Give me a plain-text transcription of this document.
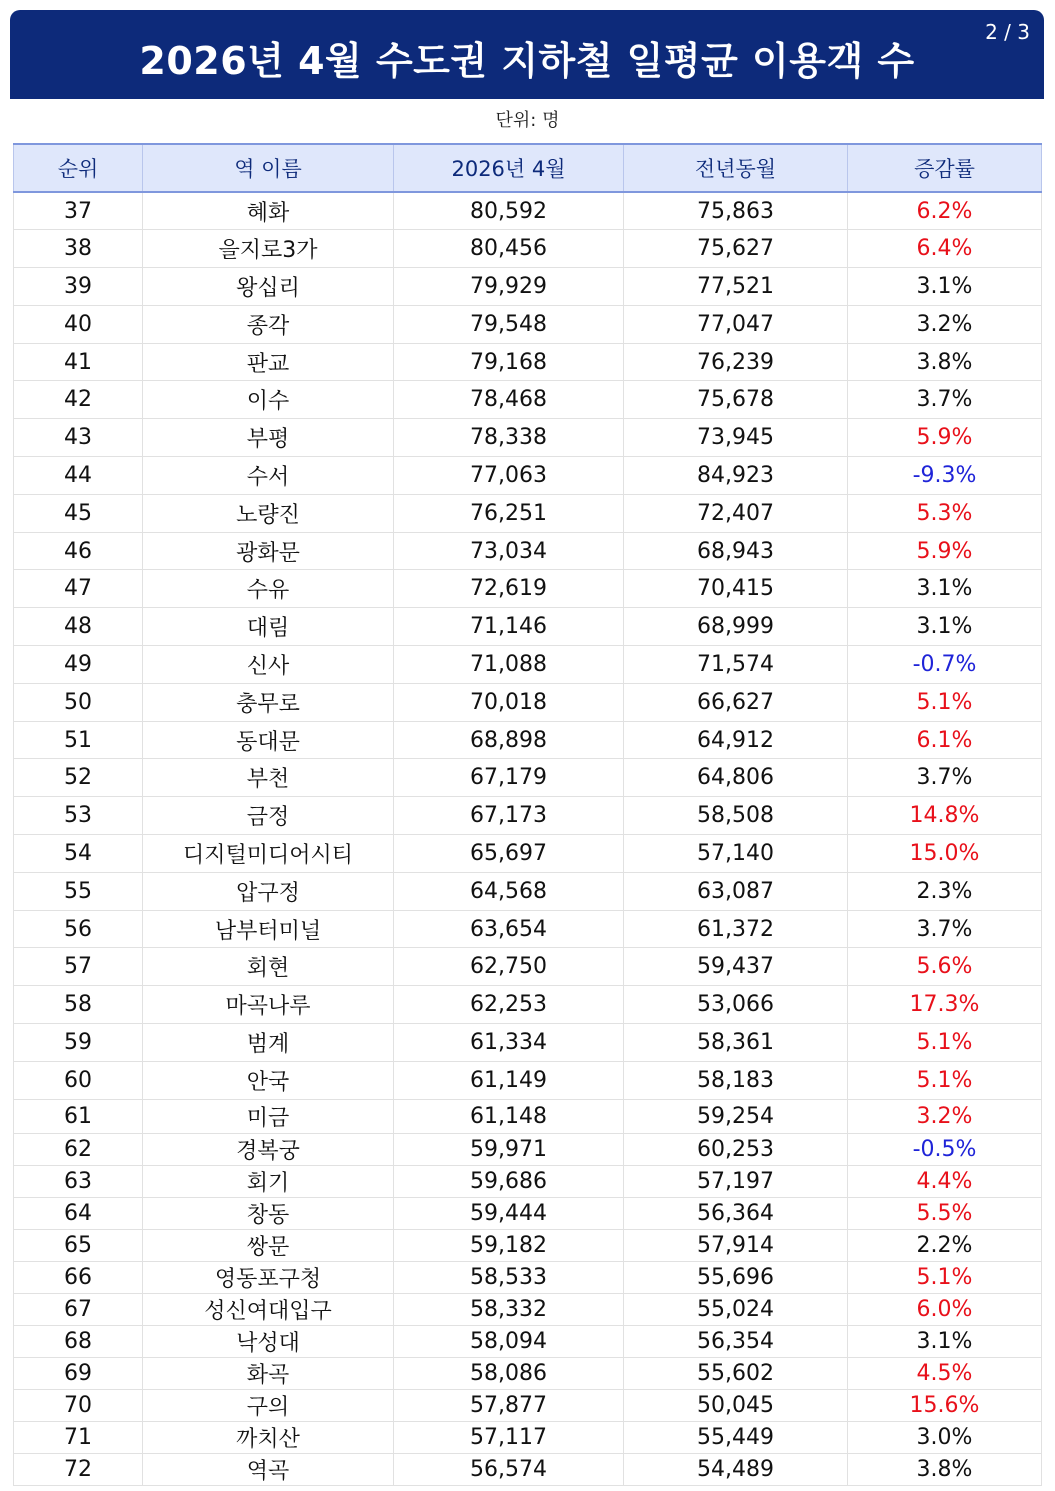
2026년 4월 수도권 지하철 일평균 이용객 수
2 / 3
단위: 명
순위	역 이름	2026년 4월	전년동월	증감률
37	혜화	80,592	75,863	6.2%
38	을지로3가	80,456	75,627	6.4%
39	왕십리	79,929	77,521	3.1%
40	종각	79,548	77,047	3.2%
41	판교	79,168	76,239	3.8%
42	이수	78,468	75,678	3.7%
43	부평	78,338	73,945	5.9%
44	수서	77,063	84,923	-9.3%
45	노량진	76,251	72,407	5.3%
46	광화문	73,034	68,943	5.9%
47	수유	72,619	70,415	3.1%
48	대림	71,146	68,999	3.1%
49	신사	71,088	71,574	-0.7%
50	충무로	70,018	66,627	5.1%
51	동대문	68,898	64,912	6.1%
52	부천	67,179	64,806	3.7%
53	금정	67,173	58,508	14.8%
54	디지털미디어시티	65,697	57,140	15.0%
55	압구정	64,568	63,087	2.3%
56	남부터미널	63,654	61,372	3.7%
57	회현	62,750	59,437	5.6%
58	마곡나루	62,253	53,066	17.3%
59	범계	61,334	58,361	5.1%
60	안국	61,149	58,183	5.1%
61	미금	61,148	59,254	3.2%
62	경복궁	59,971	60,253	-0.5%
63	회기	59,686	57,197	4.4%
64	창동	59,444	56,364	5.5%
65	쌍문	59,182	57,914	2.2%
66	영동포구청	58,533	55,696	5.1%
67	성신여대입구	58,332	55,024	6.0%
68	낙성대	58,094	56,354	3.1%
69	화곡	58,086	55,602	4.5%
70	구의	57,877	50,045	15.6%
71	까치산	57,117	55,449	3.0%
72	역곡	56,574	54,489	3.8%
